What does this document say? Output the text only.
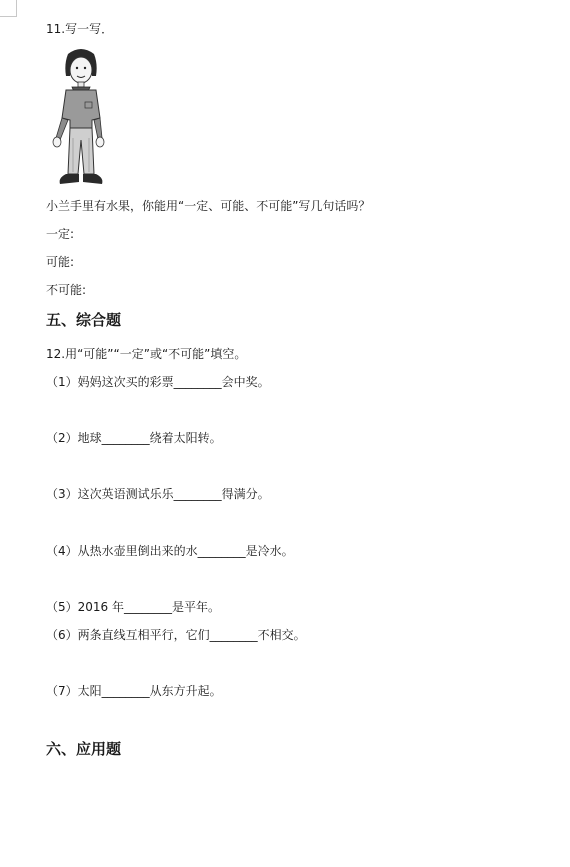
11.写一写．
小兰手里有水果，你能用“一定、可能、不可能”写几句话吗？
一定:
可能:
不可能:
五、综合题
12.用“可能”“一定”或“不可能”填空。
（1）妈妈这次买的彩票________会中奖。
（2）地球________绕着太阳转。
（3）这次英语测试乐乐________得满分。
（4）从热水壶里倒出来的水________是冷水。
（5）2016 年________是平年。
（6）两条直线互相平行，它们________不相交。
（7）太阳________从东方升起。
六、应用题
